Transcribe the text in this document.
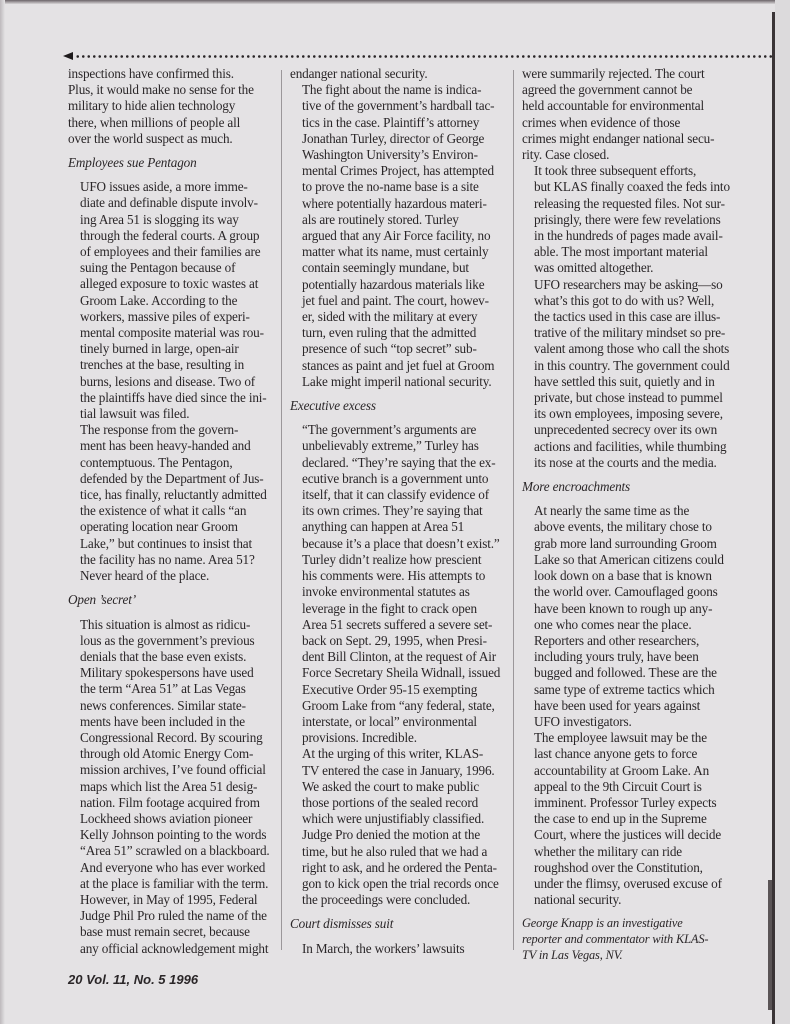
inspections have confirmed this.
Plus, it would make no sense for the
military to hide alien technology
there, when millions of people all
over the world suspect as much.

Employees sue Pentagon

UFO issues aside, a more imme-
diate and definable dispute involv-
ing Area 51 is slogging its way
through the federal courts. A group
of employees and their families are
suing the Pentagon because of
alleged exposure to toxic wastes at
Groom Lake. According to the
workers, massive piles of experi-
mental composite material was rou-
tinely burned in large, open-air
trenches at the base, resulting in
burns, lesions and disease. Two of
the plaintiffs have died since the ini-
tial lawsuit was filed.

The response from the govern-
ment has been heavy-handed and
contemptuous. The Pentagon,
defended by the Department of Jus-
tice, has finally, reluctantly admitted
the existence of what it calls “an
operating location near Groom
Lake,” but continues to insist that
the facility has no name. Area 51?
Never heard of the place.

Open ’secret’

This situation is almost as ridicu-
lous as the government’s previous
denials that the base even exists.
Military spokespersons have used
the term “Area 51” at Las Vegas
news conferences. Similar state-
ments have been included in the
Congressional Record. By scouring
through old Atomic Energy Com-
mission archives, I’ve found official
maps which list the Area 51 desig-
nation. Film footage acquired from
Lockheed shows aviation pioneer
Kelly Johnson pointing to the words
“Area 51” scrawled on a blackboard.
And everyone who has ever worked
at the place is familiar with the term.
However, in May of 1995, Federal
Judge Phil Pro ruled the name of the
base must remain secret, because
any official acknowledgement might

endanger national security.

The fight about the name is indica-
tive of the government’s hardball tac-
tics in the case. Plaintiff’s attorney
Jonathan Turley, director of George
Washington University’s Environ-
mental Crimes Project, has attempted
to prove the no-name base is a site
where potentially hazardous materi-
als are routinely stored. Turley
argued that any Air Force facility, no
matter what its name, must certainly
contain seemingly mundane, but
potentially hazardous materials like
jet fuel and paint. The court, howev-
er, sided with the military at every
turn, even ruling that the admitted
presence of such “top secret” sub-
stances as paint and jet fuel at Groom
Lake might imperil national security.

Executive excess

“The government’s arguments are
unbelievably extreme,” Turley has
declared. “They’re saying that the ex-
ecutive branch is a government unto
itself, that it can classify evidence of
its own crimes. They’re saying that
anything can happen at Area 51
because it’s a place that doesn’t exist.”

Turley didn’t realize how prescient
his comments were. His attempts to
invoke environmental statutes as
leverage in the fight to crack open
Area 51 secrets suffered a severe set-
back on Sept. 29, 1995, when Presi-
dent Bill Clinton, at the request of Air
Force Secretary Sheila Widnall, issued
Executive Order 95-15 exempting
Groom Lake from “any federal, state,
interstate, or local” environmental
provisions. Incredible.

At the urging of this writer, KLAS-
TV entered the case in January, 1996.
We asked the court to make public
those portions of the sealed record
which were unjustifiably classified.
Judge Pro denied the motion at the
time, but he also ruled that we had a
right to ask, and he ordered the Penta-
gon to kick open the trial records once
the proceedings were concluded.

Court dismisses suit

In March, the workers’ lawsuits

were summarily rejected. The court
agreed the government cannot be
held accountable for environmental
crimes when evidence of those
crimes might endanger national secu-
rity. Case closed.

It took three subsequent efforts,
but KLAS finally coaxed the feds into
releasing the requested files. Not sur-
prisingly, there were few revelations
in the hundreds of pages made avail-
able. The most important material
was omitted altogether.

UFO researchers may be asking—so
what’s this got to do with us? Well,
the tactics used in this case are illus-
trative of the military mindset so pre-
valent among those who call the shots
in this country. The government could
have settled this suit, quietly and in
private, but chose instead to pummel
its own employees, imposing severe,
unprecedented secrecy over its own
actions and facilities, while thumbing
its nose at the courts and the media.

More encroachments

At nearly the same time as the
above events, the military chose to
grab more land surrounding Groom
Lake so that American citizens could
look down on a base that is known
the world over. Camouflaged goons
have been known to rough up any-
one who comes near the place.
Reporters and other researchers,
including yours truly, have been
bugged and followed. These are the
same type of extreme tactics which
have been used for years against
UFO investigators.

The employee lawsuit may be the
last chance anyone gets to force
accountability at Groom Lake. An
appeal to the 9th Circuit Court is
imminent. Professor Turley expects
the case to end up in the Supreme
Court, where the justices will decide
whether the military can ride
roughshod over the Constitution,
under the flimsy, overused excuse of
national security.

George Knapp is an investigative
reporter and commentator with KLAS-
TV in Las Vegas, NV.

20 Vol. 11, No. 5 1996
